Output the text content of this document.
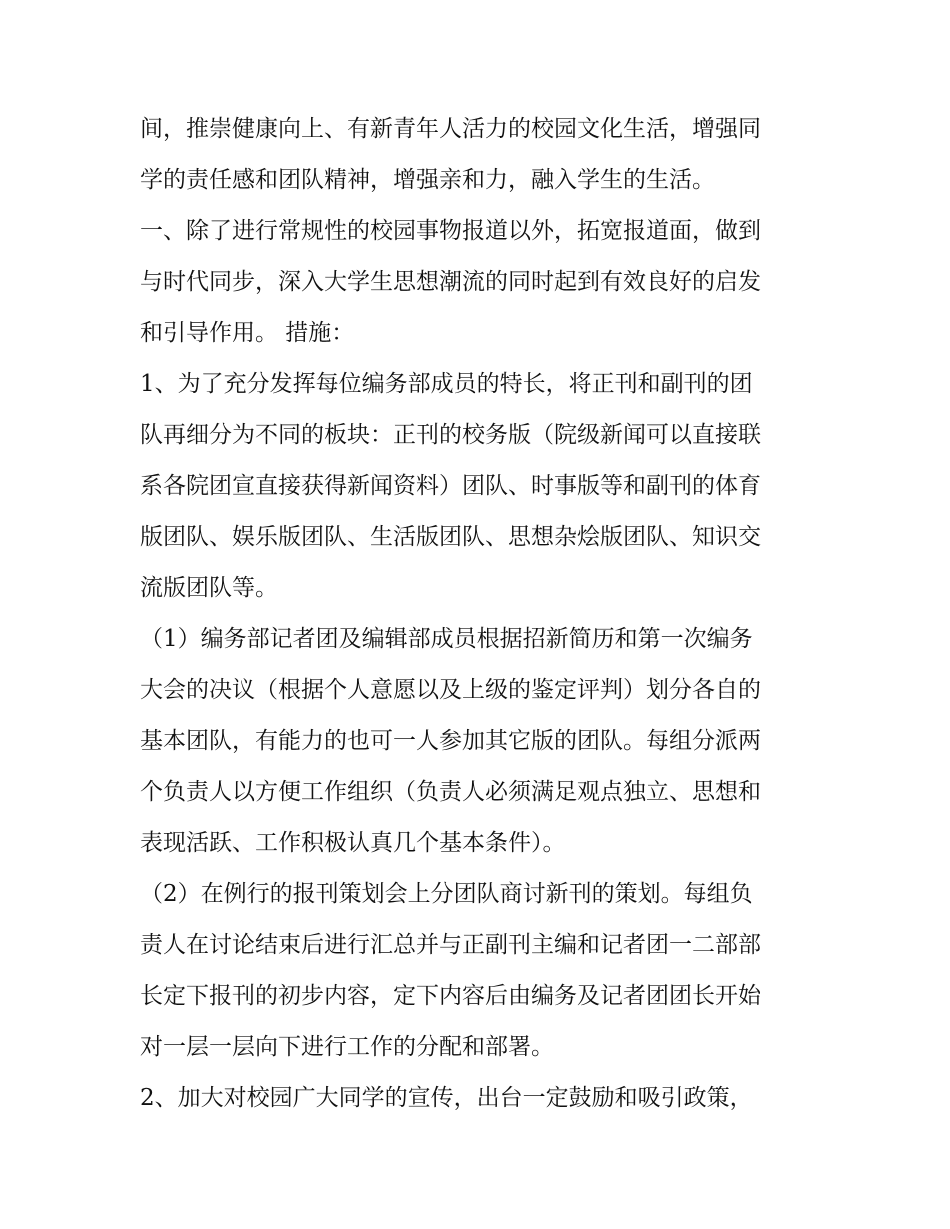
间，推崇健康向上、有新青年人活力的校园文化生活，增强同
学的责任感和团队精神，增强亲和力，融入学生的生活。
一、除了进行常规性的校园事物报道以外，拓宽报道面，做到
与时代同步，深入大学生思想潮流的同时起到有效良好的启发
和引导作用。 措施：
1、为了充分发挥每位编务部成员的特长，将正刊和副刊的团
队再细分为不同的板块：正刊的校务版（院级新闻可以直接联
系各院团宣直接获得新闻资料）团队、时事版等和副刊的体育
版团队、娱乐版团队、生活版团队、思想杂烩版团队、知识交
流版团队等。
（1）编务部记者团及编辑部成员根据招新简历和第一次编务
大会的决议（根据个人意愿以及上级的鉴定评判）划分各自的
基本团队，有能力的也可一人参加其它版的团队。每组分派两
个负责人以方便工作组织（负责人必须满足观点独立、思想和
表现活跃、工作积极认真几个基本条件）。
（2）在例行的报刊策划会上分团队商讨新刊的策划。每组负
责人在讨论结束后进行汇总并与正副刊主编和记者团一二部部
长定下报刊的初步内容，定下内容后由编务及记者团团长开始
对一层一层向下进行工作的分配和部署。
2、加大对校园广大同学的宣传，出台一定鼓励和吸引政策，
